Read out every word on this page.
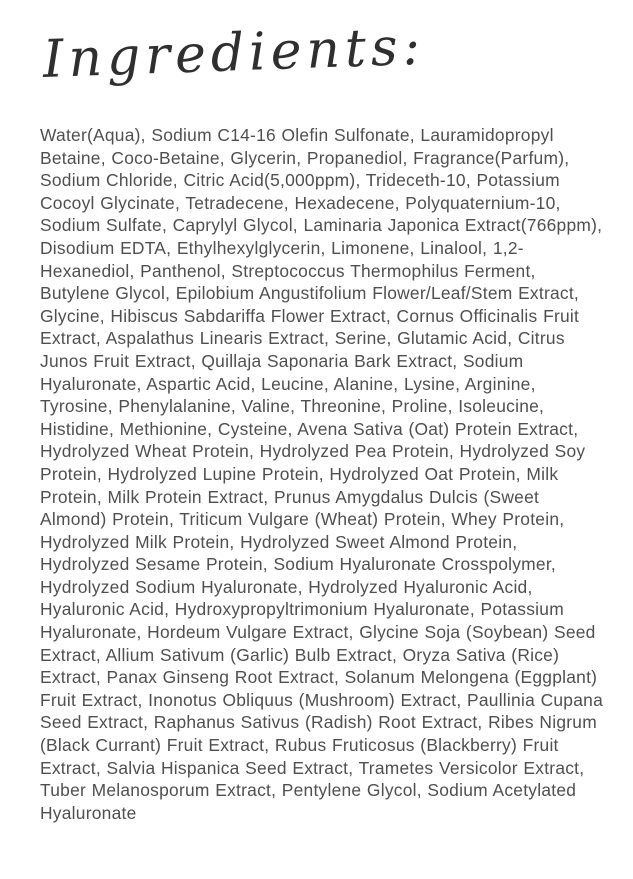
Ingredients:

Water(Aqua), Sodium C14-16 Olefin Sulfonate, Lauramidopropyl Betaine, Coco-Betaine, Glycerin, Propanediol, Fragrance(Parfum), Sodium Chloride, Citric Acid(5,000ppm), Trideceth-10, Potassium Cocoyl Glycinate, Tetradecene, Hexadecene, Polyquaternium-10, Sodium Sulfate, Caprylyl Glycol, Laminaria Japonica Extract(766ppm), Disodium EDTA, Ethylhexylglycerin, Limonene, Linalool, 1,2-Hexanediol, Panthenol, Streptococcus Thermophilus Ferment, Butylene Glycol, Epilobium Angustifolium Flower/Leaf/Stem Extract, Glycine, Hibiscus Sabdariffa Flower Extract, Cornus Officinalis Fruit Extract, Aspalathus Linearis Extract, Serine, Glutamic Acid, Citrus Junos Fruit Extract, Quillaja Saponaria Bark Extract, Sodium Hyaluronate, Aspartic Acid, Leucine, Alanine, Lysine, Arginine, Tyrosine, Phenylalanine, Valine, Threonine, Proline, Isoleucine, Histidine, Methionine, Cysteine, Avena Sativa (Oat) Protein Extract, Hydrolyzed Wheat Protein, Hydrolyzed Pea Protein, Hydrolyzed Soy Protein, Hydrolyzed Lupine Protein, Hydrolyzed Oat Protein, Milk Protein, Milk Protein Extract, Prunus Amygdalus Dulcis (Sweet Almond) Protein, Triticum Vulgare (Wheat) Protein, Whey Protein, Hydrolyzed Milk Protein, Hydrolyzed Sweet Almond Protein, Hydrolyzed Sesame Protein, Sodium Hyaluronate Crosspolymer, Hydrolyzed Sodium Hyaluronate, Hydrolyzed Hyaluronic Acid, Hyaluronic Acid, Hydroxypropyltrimonium Hyaluronate, Potassium Hyaluronate, Hordeum Vulgare Extract, Glycine Soja (Soybean) Seed Extract, Allium Sativum (Garlic) Bulb Extract, Oryza Sativa (Rice) Extract, Panax Ginseng Root Extract, Solanum Melongena (Eggplant) Fruit Extract, Inonotus Obliquus (Mushroom) Extract, Paullinia Cupana Seed Extract, Raphanus Sativus (Radish) Root Extract, Ribes Nigrum (Black Currant) Fruit Extract, Rubus Fruticosus (Blackberry) Fruit Extract, Salvia Hispanica Seed Extract, Trametes Versicolor Extract, Tuber Melanosporum Extract, Pentylene Glycol, Sodium Acetylated Hyaluronate
